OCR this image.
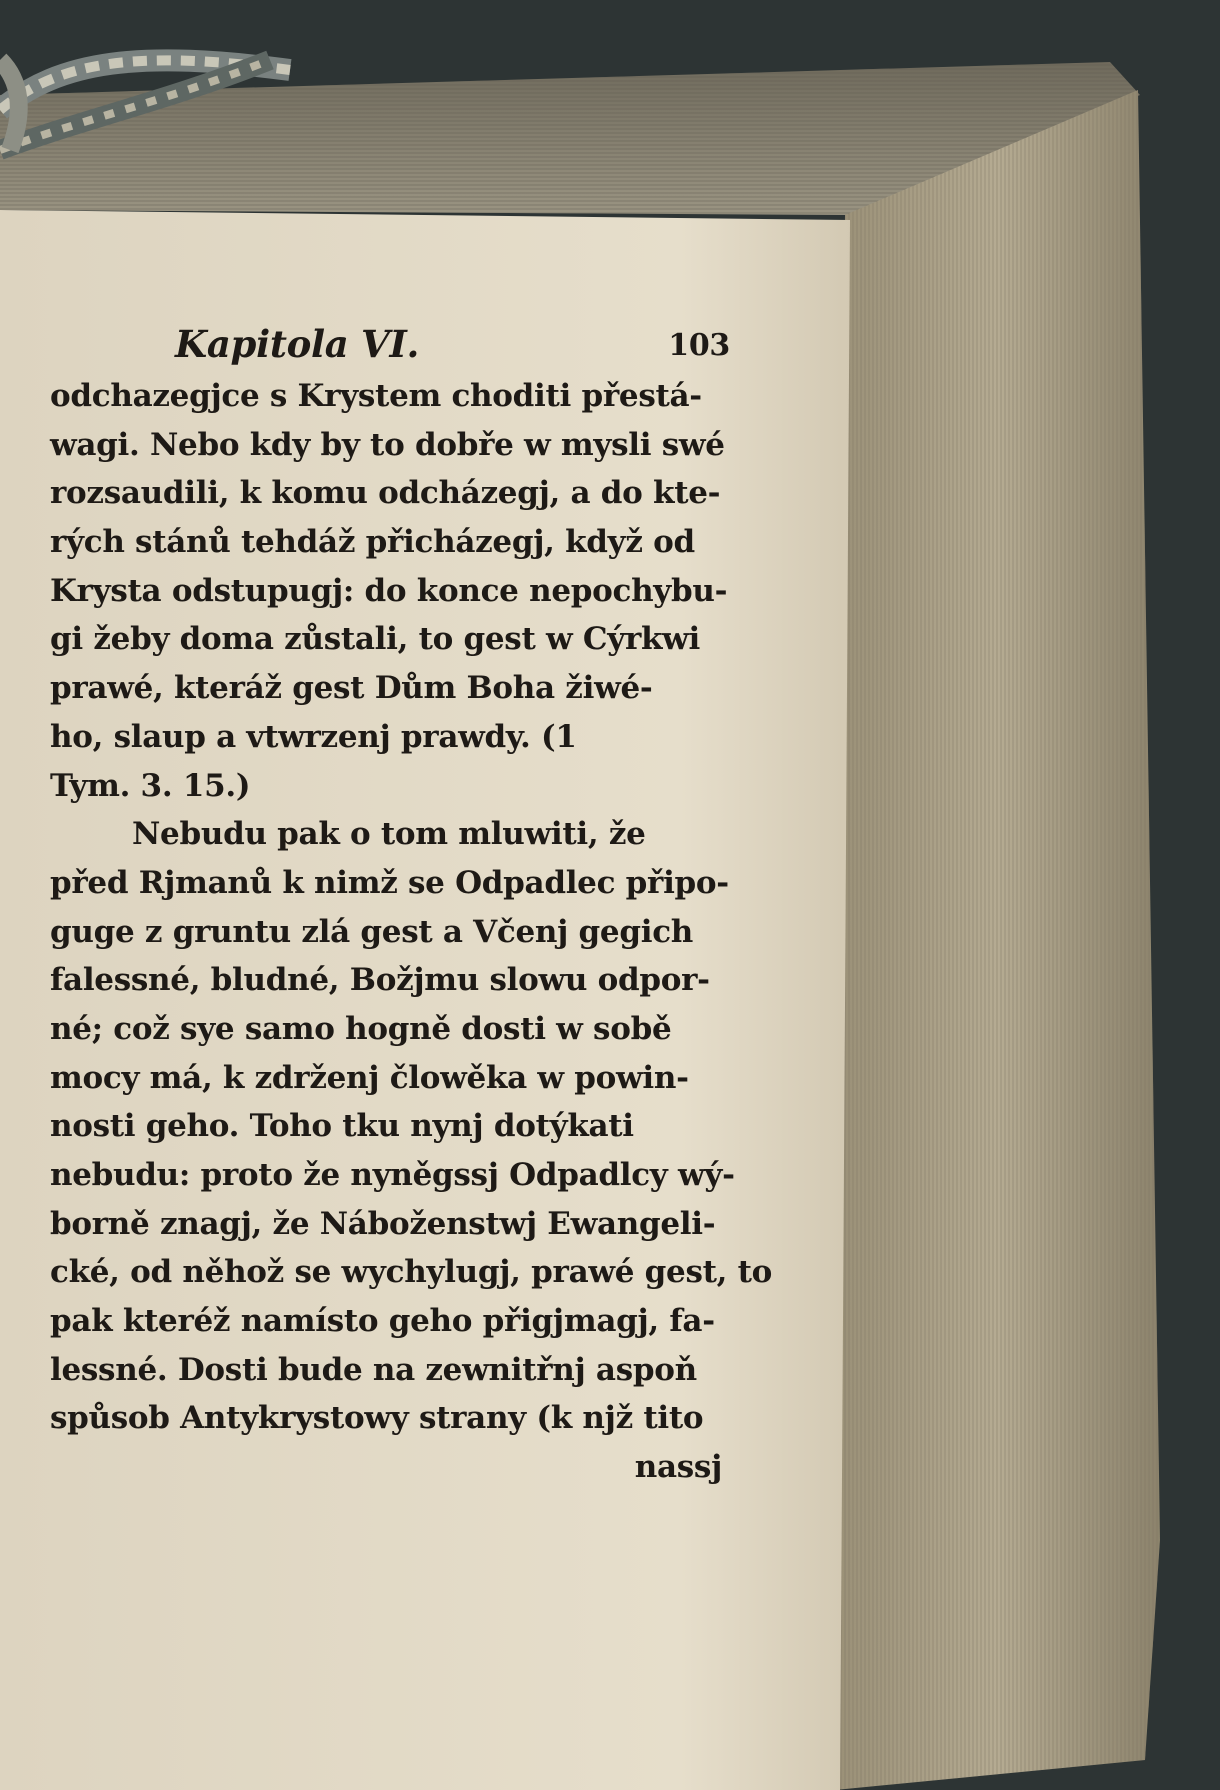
Kapitola VI.	103
odchazegjce s Krystem choditi přestá-
wagi. Nebo kdy by to dobře w mysli swé
rozsaudili, k komu odcházegj, a do kte-
rých stánů tehdáž přicházegj, když od
Krysta odstupugj: do konce nepochybu-
gi žeby doma zůstali, to gest w Cýrkwi
prawé, kteráž gest Dům Boha žiwé-
ho, slaup a vtwrzenj prawdy. (1
Tym. 3. 15.)
Nebudu pak o tom mluwiti, že
před Rjmanů k nimž se Odpadlec připo-
guge z gruntu zlá gest a Včenj gegich
falessné, bludné, Božjmu slowu odpor-
né; což sye samo hogně dosti w sobě
mocy má, k zdrženj člowěka w powin-
nosti geho. Toho tku nynj dotýkati
nebudu: proto že nyněgssj Odpadlcy wý-
borně znagj, že Náboženstwj Ewangeli-
cké, od něhož se wychylugj, prawé gest, to
pak kteréž namísto geho přigjmagj, fa-
lessné. Dosti bude na zewnitřnj aspoň
spůsob Antykrystowy strany (k njž tito
nassj
